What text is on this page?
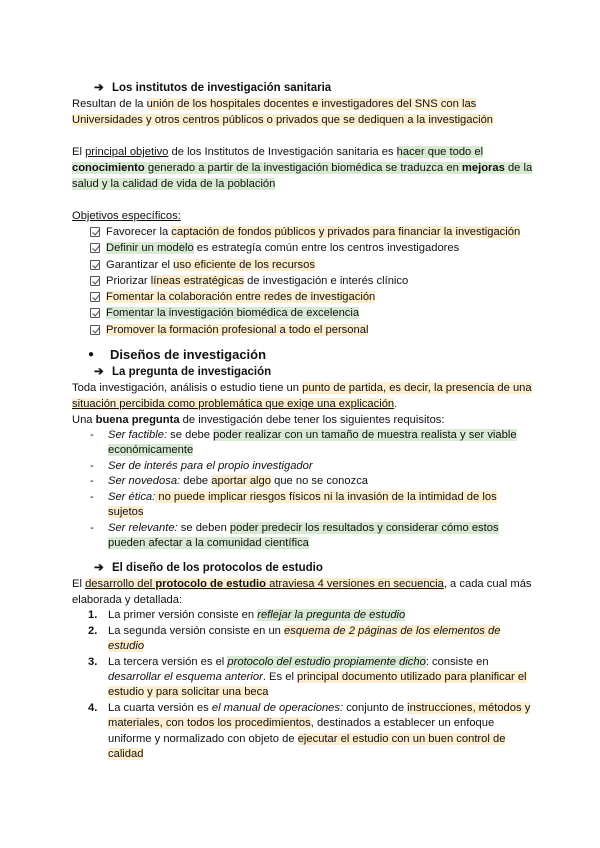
➔ Los institutos de investigación sanitaria
Resultan de la unión de los hospitales docentes e investigadores del SNS con las Universidades y otros centros públicos o privados que se dediquen a la investigación
El principal objetivo de los Institutos de Investigación sanitaria es hacer que todo el conocimiento generado a partir de la investigación biomédica se traduzca en mejoras de la salud y la calidad de vida de la población
Objetivos específicos:
Favorecer la captación de fondos públicos y privados para financiar la investigación
Definir un modelo es estrategía común entre los centros investigadores
Garantizar el uso eficiente de los recursos
Priorizar líneas estratégicas de investigación e interés clínico
Fomentar la colaboración entre redes de investigación
Fomentar la investigación biomédica de excelencia
Promover la formación profesional a todo el personal
● Diseños de investigación
➔ La pregunta de investigación
Toda investigación, análisis o estudio tiene un punto de partida, es decir, la presencia de una situación percibida como problemática que exige una explicación.
Una buena pregunta de investigación debe tener los siguientes requisitos:
- Ser factible: se debe poder realizar con un tamaño de muestra realista y ser viable económicamente
- Ser de interés para el propio investigador
- Ser novedosa: debe aportar algo que no se conozca
- Ser ética: no puede implicar riesgos físicos ni la invasión de la intimidad de los sujetos
- Ser relevante: se deben poder predecir los resultados y considerar cómo estos pueden afectar a la comunidad científica
➔ El diseño de los protocolos de estudio
El desarrollo del protocolo de estudio atraviesa 4 versiones en secuencia, a cada cual más elaborada y detallada:
1. La primer versión consiste en reflejar la pregunta de estudio
2. La segunda versión consiste en un esquema de 2 páginas de los elementos de estudio
3. La tercera versión es el protocolo del estudio propiamente dicho: consiste en desarrollar el esquema anterior. Es el principal documento utilizado para planificar el estudio y para solicitar una beca
4. La cuarta versión es el manual de operaciones: conjunto de instrucciones, métodos y materiales, con todos los procedimientos, destinados a establecer un enfoque uniforme y normalizado con objeto de ejecutar el estudio con un buen control de calidad
